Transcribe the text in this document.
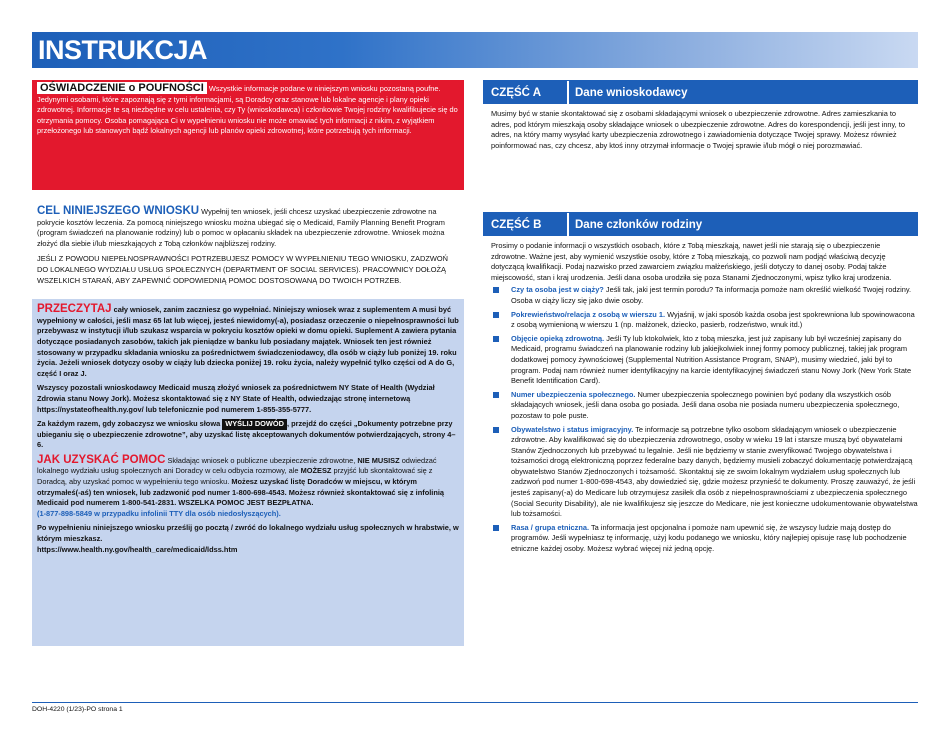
INSTRUKCJA
OŚWIADCZENIE o POUFNOŚCI Wszystkie informacje podane w niniejszym wniosku pozostaną poufne. Jedynymi osobami, które zapoznają się z tymi informacjami, są Doradcy oraz stanowe lub lokalne agencje i plany opieki zdrowotnej. Informacje te są niezbędne w celu ustalenia, czy Ty (wnioskodawca) i członkowie Twojej rodziny kwalifikujecie się do otrzymania pomocy. Osoba pomagająca Ci w wypełnieniu wniosku nie może omawiać tych informacji z nikim, z wyjątkiem przełożonego lub stanowych bądź lokalnych agencji lub planów opieki zdrowotnej, które potrzebują tych informacji.
CEL NINIEJSZEGO WNIOSKU Wypełnij ten wniosek, jeśli chcesz uzyskać ubezpieczenie zdrowotne na pokrycie kosztów leczenia. Za pomocą niniejszego wniosku można ubiegać się o Medicaid, Family Planning Benefit Program (program świadczeń na planowanie rodziny) lub o pomoc w opłacaniu składek na ubezpieczenie zdrowotne. Wniosek można złożyć dla siebie i/lub mieszkających z Tobą członków najbliższej rodziny.
JEŚLI Z POWODU NIEPEŁNOSPRAWNOŚCI POTRZEBUJESZ POMOCY W WYPEŁNIENIU TEGO WNIOSKU, ZADZWOŃ DO LOKALNEGO WYDZIAŁU USŁUG SPOŁECZNYCH (DEPARTMENT OF SOCIAL SERVICES). PRACOWNICY DOŁOŻĄ WSZELKICH STARAŃ, ABY ZAPEWNIĆ ODPOWIEDNIĄ POMOC DOSTOSOWANĄ DO TWOICH POTRZEB.

PRZECZYTAJ cały wniosek, zanim zaczniesz go wypełniać. Niniejszy wniosek wraz z suplementem A musi być wypełniony w całości, jeśli masz 65 lat lub więcej, jesteś niewidomy(-a), posiadasz orzeczenie o niepełnosprawności lub przebywasz w instytucji i/lub szukasz wsparcia w pokryciu kosztów opieki w domu opieki. Suplement A zawiera pytania dotyczące posiadanych zasobów, takich jak pieniądze w banku lub posiadany majątek. Wniosek ten jest również stosowany w przypadku składania wniosku za pośrednictwem świadczeniodawcy, dla osób w ciąży lub poniżej 19. roku życia. Jeżeli wniosek dotyczy osoby w ciąży lub dziecka poniżej 19. roku życia, należy wypełnić tylko części od A do G, część I oraz J.

Wszyscy pozostali wnioskodawcy Medicaid muszą złożyć wniosek za pośrednictwem NY State of Health (Wydział Zdrowia stanu Nowy Jork). Możesz skontaktować się z NY State of Health, odwiedzając stronę internetową https://nystateofhealth.ny.gov/ lub telefonicznie pod numerem 1-855-355-5777.

Za każdym razem, gdy zobaczysz we wniosku słowa WYŚLIJ DOWÓD , przejdź do części „Dokumenty potrzebne przy ubieganiu się o ubezpieczenie zdrowotne”, aby uzyskać listę akceptowanych dokumentów potwierdzających, strony 4–6.

JAK UZYSKAĆ POMOC Składając wniosek o publiczne ubezpieczenie zdrowotne, NIE MUSISZ odwiedzać lokalnego wydziału usług społecznych ani Doradcy w celu odbycia rozmowy, ale MOŻESZ przyjść lub skontaktować się z Doradcą, aby uzyskać pomoc w wypełnieniu tego wniosku. Możesz uzyskać listę Doradców w miejscu, w którym otrzymałeś(-aś) ten wniosek, lub zadzwonić pod numer 1-800-698-4543. Możesz również skontaktować się z infolinią Medicaid pod numerem 1-800-541-2831. WSZELKA POMOC JEST BEZPŁATNA.
(1-877-898-5849 w przypadku infolinii TTY dla osób niedosłyszących).

Po wypełnieniu niniejszego wniosku prześlij go pocztą / zwróć do lokalnego wydziału usług społecznych w hrabstwie, w którym mieszkasz.

https://www.health.ny.gov/health_care/medicaid/ldss.htm

CZĘŚĆ A	Dane wnioskodawcy
Musimy być w stanie skontaktować się z osobami składającymi wniosek o ubezpieczenie zdrowotne. Adres zamieszkania to adres, pod którym mieszkają osoby składające wniosek o ubezpieczenie zdrowotne. Adres do korespondencji, jeśli jest inny, to adres, na który mamy wysyłać karty ubezpieczenia zdrowotnego i zawiadomienia dotyczące Twojej sprawy. Możesz również poinformować nas, czy chcesz, aby ktoś inny otrzymał informacje o Twojej sprawie i/lub mógł o niej porozmawiać.
CZĘŚĆ B	Dane członków rodziny
Prosimy o podanie informacji o wszystkich osobach, które z Tobą mieszkają, nawet jeśli nie starają się o ubezpieczenie zdrowotne. Ważne jest, aby wymienić wszystkie osoby, które z Tobą mieszkają, co pozwoli nam podjąć właściwą decyzję dotyczącą kwalifikacji. Podaj nazwisko przed zawarciem związku małżeńskiego, jeśli dotyczy to danej osoby. Podaj także miejscowość, stan i kraj urodzenia. Jeśli dana osoba urodziła się poza Stanami Zjednoczonymi, wpisz tylko kraj urodzenia.
Czy ta osoba jest w ciąży? Jeśli tak, jaki jest termin porodu? Ta informacja pomoże nam określić wielkość Twojej rodziny. Osoba w ciąży liczy się jako dwie osoby.
Pokrewieństwo/relacja z osobą w wierszu 1. Wyjaśnij, w jaki sposób każda osoba jest spokrewniona lub spowinowacona z osobą wymienioną w wierszu 1 (np. małżonek, dziecko, pasierb, rodzeństwo, wnuk itd.)
Objęcie opieką zdrowotną. Jeśli Ty lub ktokolwiek, kto z tobą mieszka, jest już zapisany lub był wcześniej zapisany do Medicaid, programu świadczeń na planowanie rodziny lub jakiejkolwiek innej formy pomocy publicznej, takiej jak program dodatkowej pomocy żywnościowej (Supplemental Nutrition Assistance Program, SNAP), musimy wiedzieć, jaki był to program. Podaj nam również numer identyfikacyjny na karcie identyfikacyjnej świadczeń stanu Nowy Jork (New York State Benefit Identification Card).
Numer ubezpieczenia społecznego. Numer ubezpieczenia społecznego powinien być podany dla wszystkich osób składających wniosek, jeśli dana osoba go posiada. Jeśli dana osoba nie posiada numeru ubezpieczenia społecznego, pozostaw to pole puste.
Obywatelstwo i status imigracyjny. Te informacje są potrzebne tylko osobom składającym wniosek o ubezpieczenie zdrowotne. Aby kwalifikować się do ubezpieczenia zdrowotnego, osoby w wieku 19 lat i starsze muszą być obywatelami Stanów Zjednoczonych lub przebywać tu legalnie. Jeśli nie będziemy w stanie zweryfikować Twojego obywatelstwa i tożsamości drogą elektroniczną poprzez federalne bazy danych, będziemy musieli zobaczyć dokumentację potwierdzającą obywatelstwo Stanów Zjednoczonych i tożsamość. Skontaktuj się ze swoim lokalnym wydziałem usług społecznych lub zadzwoń pod numer 1-800-698-4543, aby dowiedzieć się, gdzie możesz przynieść te dokumenty. Proszę zauważyć, że jeśli jesteś zapisany(-a) do Medicare lub otrzymujesz zasiłek dla osób z niepełnosprawnościami z ubezpieczenia społecznego (Social Security Disability), ale nie kwalifikujesz się jeszcze do Medicare, nie jest konieczne udokumentowanie obywatelstwa lub tożsamości.
Rasa / grupa etniczna. Ta informacja jest opcjonalna i pomoże nam upewnić się, że wszyscy ludzie mają dostęp do programów. Jeśli wypełniasz tę informację, użyj kodu podanego we wniosku, który najlepiej opisuje rasę lub pochodzenie etniczne każdej osoby. Możesz wybrać więcej niż jedną opcję.
DOH-4220 (1/23)-PO strona 1
